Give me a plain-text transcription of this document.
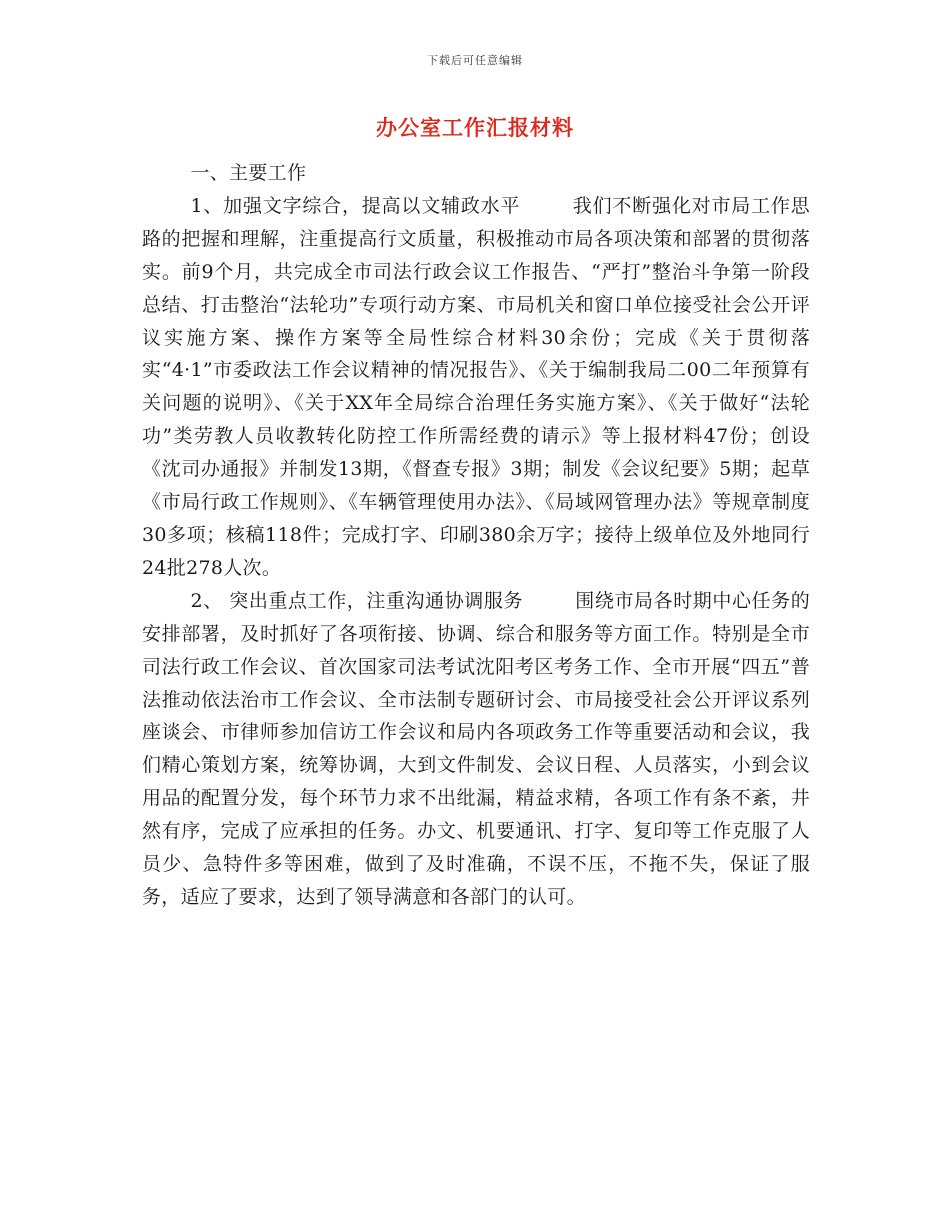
下载后可任意编辑
办公室工作汇报材料

一、主要工作

1、加强文字综合，提高以文辅政水平	我们不断强化对市局工作思路的把握和理解，注重提高行文质量，积极推动市局各项决策和部署的贯彻落实。前9个月，共完成全市司法行政会议工作报告、“严打”整治斗争第一阶段总结、打击整治“法轮功”专项行动方案、市局机关和窗口单位接受社会公开评议实施方案、操作方案等全局性综合材料30余份；完成《关于贯彻落实“4·1”市委政法工作会议精神的情况报告》、《关于编制我局二00二年预算有关问题的说明》、《关于XX年全局综合治理任务实施方案》、《关于做好“法轮功”类劳教人员收教转化防控工作所需经费的请示》等上报材料47份；创设《沈司办通报》并制发13期，《督查专报》3期；制发《会议纪要》5期；起草《市局行政工作规则》、《车辆管理使用办法》、《局域网管理办法》等规章制度30多项；核稿118件；完成打字、印刷380余万字；接待上级单位及外地同行24批278人次。

2、 突出重点工作，注重沟通协调服务	围绕市局各时期中心任务的安排部署，及时抓好了各项衔接、协调、综合和服务等方面工作。特别是全市司法行政工作会议、首次国家司法考试沈阳考区考务工作、全市开展“四五”普法推动依法治市工作会议、全市法制专题研讨会、市局接受社会公开评议系列座谈会、市律师参加信访工作会议和局内各项政务工作等重要活动和会议，我们精心策划方案，统筹协调，大到文件制发、会议日程、人员落实，小到会议用品的配置分发，每个环节力求不出纰漏，精益求精，各项工作有条不紊，井然有序，完成了应承担的任务。办文、机要通讯、打字、复印等工作克服了人员少、急特件多等困难，做到了及时准确，不误不压，不拖不失，保证了服务，适应了要求，达到了领导满意和各部门的认可。
